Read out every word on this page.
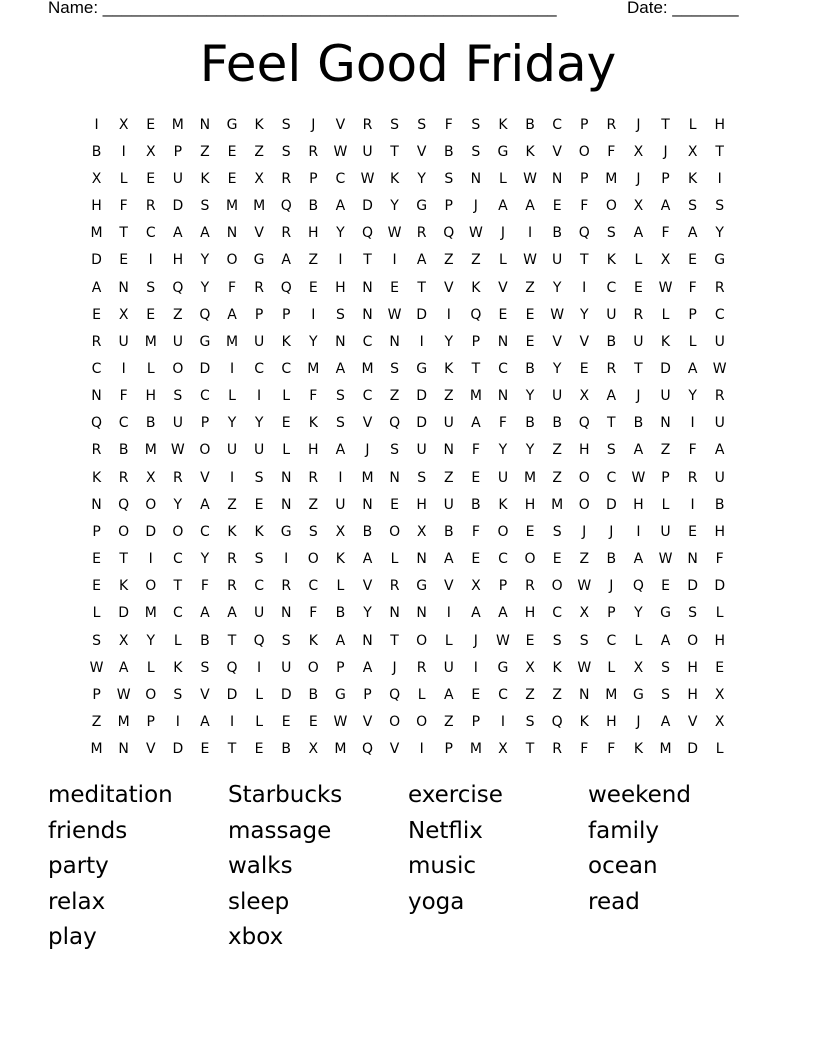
Name: ________________________________________________	Date: _______
Feel Good Friday
I	X	E	M	N	G	K	S	J	V	R	S	S	F	S	K	B	C	P	R	J	T	L	H
B	I	X	P	Z	E	Z	S	R	W	U	T	V	B	S	G	K	V	O	F	X	J	X	T
X	L	E	U	K	E	X	R	P	C	W	K	Y	S	N	L	W	N	P	M	J	P	K	I
H	F	R	D	S	M	M	Q	B	A	D	Y	G	P	J	A	A	E	F	O	X	A	S	S
M	T	C	A	A	N	V	R	H	Y	Q	W	R	Q	W	J	I	B	Q	S	A	F	A	Y
D	E	I	H	Y	O	G	A	Z	I	T	I	A	Z	Z	L	W	U	T	K	L	X	E	G
A	N	S	Q	Y	F	R	Q	E	H	N	E	T	V	K	V	Z	Y	I	C	E	W	F	R
E	X	E	Z	Q	A	P	P	I	S	N	W	D	I	Q	E	E	W	Y	U	R	L	P	C
R	U	M	U	G	M	U	K	Y	N	C	N	I	Y	P	N	E	V	V	B	U	K	L	U
C	I	L	O	D	I	C	C	M	A	M	S	G	K	T	C	B	Y	E	R	T	D	A	W
N	F	H	S	C	L	I	L	F	S	C	Z	D	Z	M	N	Y	U	X	A	J	U	Y	R
Q	C	B	U	P	Y	Y	E	K	S	V	Q	D	U	A	F	B	B	Q	T	B	N	I	U
R	B	M	W	O	U	U	L	H	A	J	S	U	N	F	Y	Y	Z	H	S	A	Z	F	A
K	R	X	R	V	I	S	N	R	I	M	N	S	Z	E	U	M	Z	O	C	W	P	R	U
N	Q	O	Y	A	Z	E	N	Z	U	N	E	H	U	B	K	H	M	O	D	H	L	I	B
P	O	D	O	C	K	K	G	S	X	B	O	X	B	F	O	E	S	J	J	I	U	E	H
E	T	I	C	Y	R	S	I	O	K	A	L	N	A	E	C	O	E	Z	B	A	W	N	F
E	K	O	T	F	R	C	R	C	L	V	R	G	V	X	P	R	O	W	J	Q	E	D	D
L	D	M	C	A	A	U	N	F	B	Y	N	N	I	A	A	H	C	X	P	Y	G	S	L
S	X	Y	L	B	T	Q	S	K	A	N	T	O	L	J	W	E	S	S	C	L	A	O	H
W	A	L	K	S	Q	I	U	O	P	A	J	R	U	I	G	X	K	W	L	X	S	H	E
P	W	O	S	V	D	L	D	B	G	P	Q	L	A	E	C	Z	Z	N	M	G	S	H	X
Z	M	P	I	A	I	L	E	E	W	V	O	O	Z	P	I	S	Q	K	H	J	A	V	X
M	N	V	D	E	T	E	B	X	M	Q	V	I	P	M	X	T	R	F	F	K	M	D	L
meditation	Starbucks	exercise	weekend
friends	massage	Netflix	family
party	walks	music	ocean
relax	sleep	yoga	read
play	xbox
